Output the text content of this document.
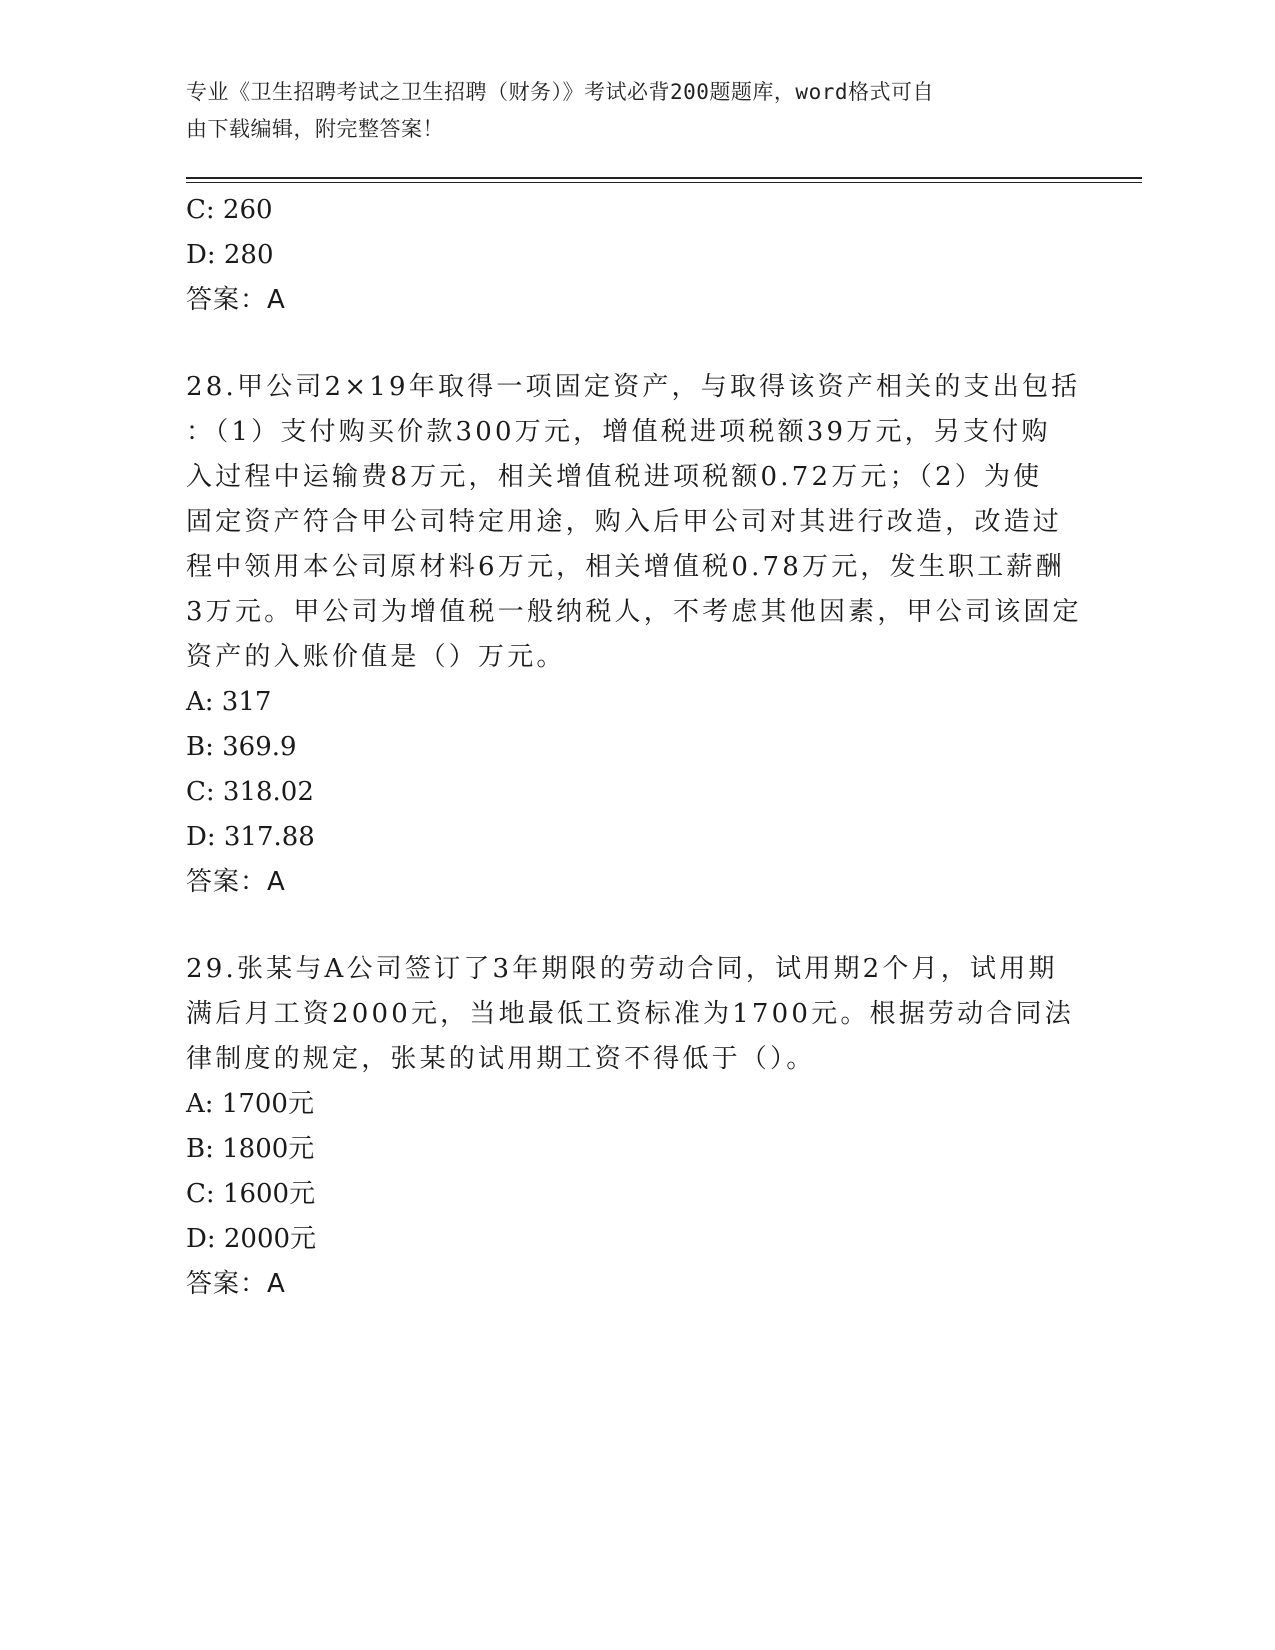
专业《卫生招聘考试之卫生招聘（财务）》考试必背200题题库，word格式可自
由下载编辑，附完整答案！
C: 260
D: 280
答案：A
28.甲公司2×19年取得一项固定资产，与取得该资产相关的支出包括
：（1）支付购买价款300万元，增值税进项税额39万元，另支付购
入过程中运输费8万元，相关增值税进项税额0.72万元；（2）为使
固定资产符合甲公司特定用途，购入后甲公司对其进行改造，改造过
程中领用本公司原材料6万元，相关增值税0.78万元，发生职工薪酬
3万元。甲公司为增值税一般纳税人，不考虑其他因素，甲公司该固定
资产的入账价值是（）万元。
A: 317
B: 369.9
C: 318.02
D: 317.88
答案：A
29.张某与A公司签订了3年期限的劳动合同，试用期2个月，试用期
满后月工资2000元，当地最低工资标准为1700元。根据劳动合同法
律制度的规定，张某的试用期工资不得低于（）。
A: 1700元
B: 1800元
C: 1600元
D: 2000元
答案：A
